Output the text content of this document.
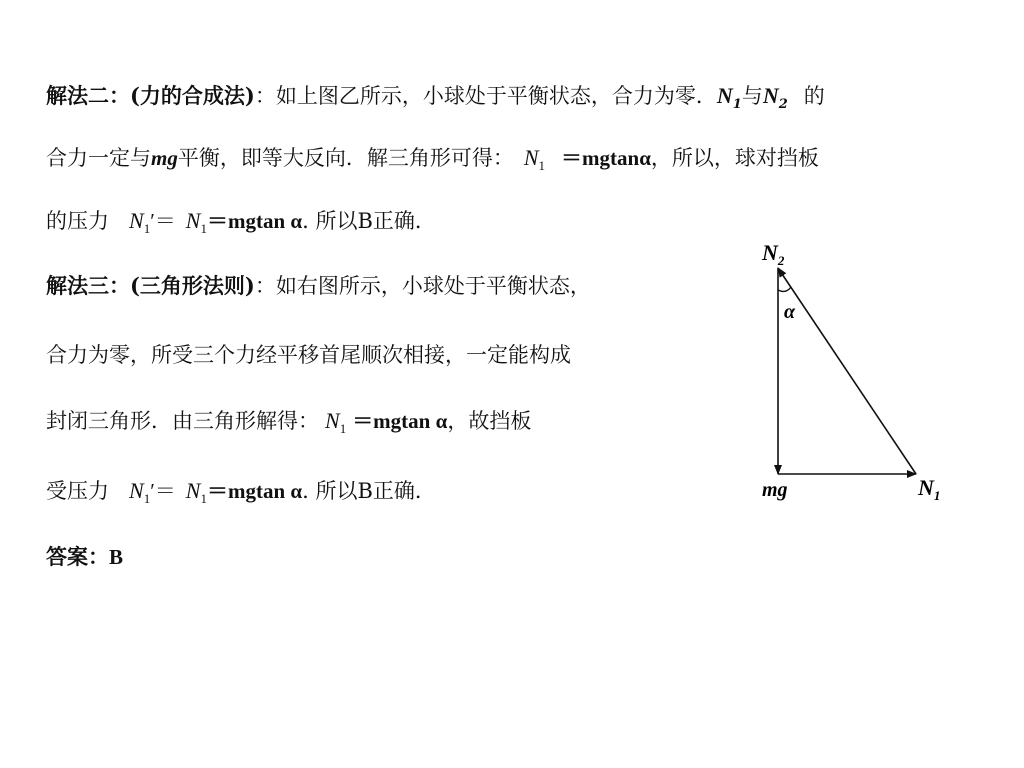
解法二：(力的合成法)：如上图乙所示，小球处于平衡状态，合力为零．$N_1$与$N_2$ 的
合力一定与mg平衡，即等大反向．解三角形可得： $N_1 =mgtan\alpha$，所以，球对挡板
的压力 $N_1'= N_1=mgtan$ α. 所以B正确．
解法三：(三角形法则)：如右图所示，小球处于平衡状态，
合力为零，所受三个力经平移首尾顺次相接，一定能构成
封闭三角形．由三角形解得： $N_1 =mgtan$ α，故挡板
受压力 $N_1'= N_1=mgtan$ α. 所以B正确．
答案：B
$N_2$
α
mg	$N_1$
